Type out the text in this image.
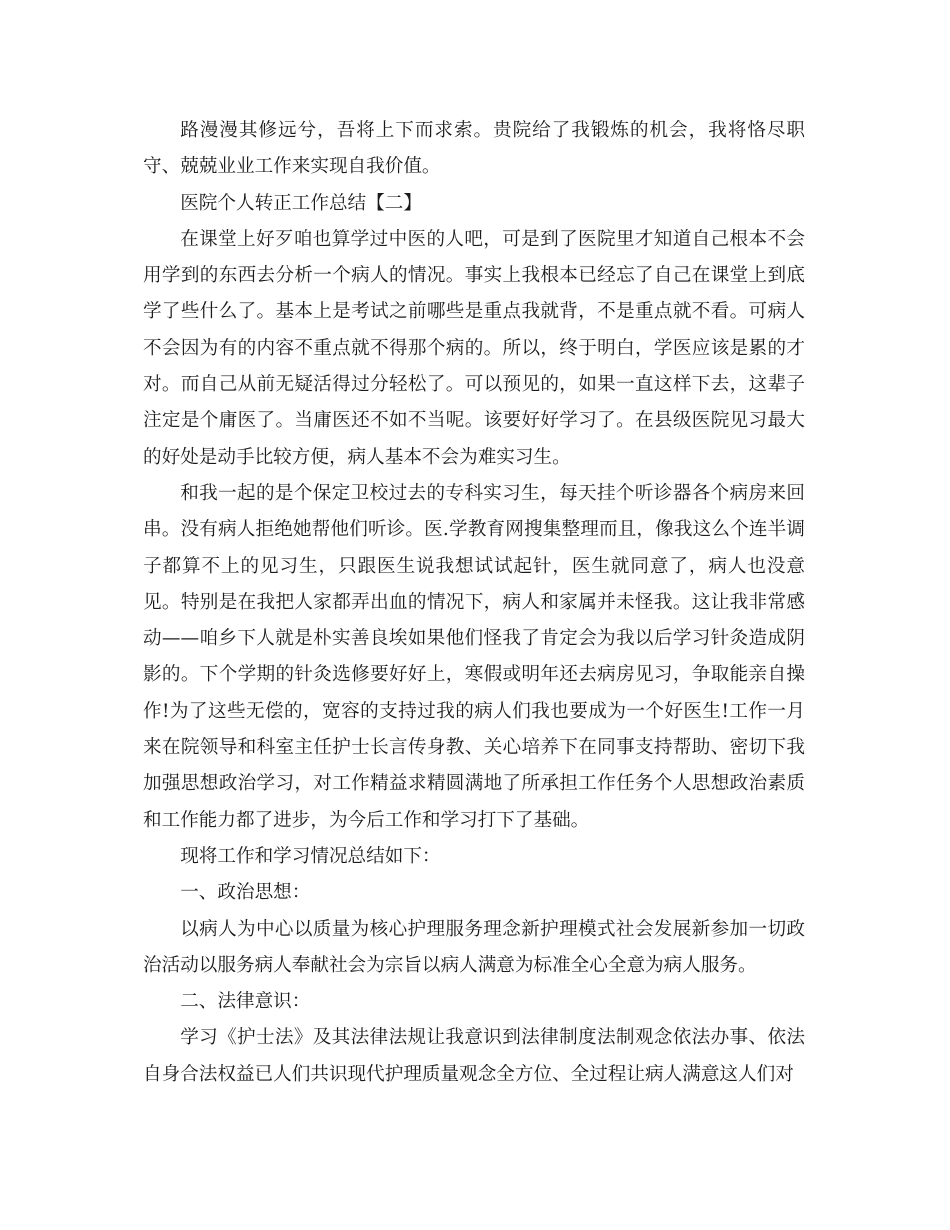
路漫漫其修远兮，吾将上下而求索。贵院给了我锻炼的机会，我将恪尽职守、兢兢业业工作来实现自我价值。

医院个人转正工作总结【二】

在课堂上好歹咱也算学过中医的人吧，可是到了医院里才知道自己根本不会用学到的东西去分析一个病人的情况。事实上我根本已经忘了自己在课堂上到底学了些什么了。基本上是考试之前哪些是重点我就背，不是重点就不看。可病人不会因为有的内容不重点就不得那个病的。所以，终于明白，学医应该是累的才对。而自己从前无疑活得过分轻松了。可以预见的，如果一直这样下去，这辈子注定是个庸医了。当庸医还不如不当呢。该要好好学习了。在县级医院见习最大的好处是动手比较方便，病人基本不会为难实习生。

和我一起的是个保定卫校过去的专科实习生，每天挂个听诊器各个病房来回串。没有病人拒绝她帮他们听诊。医.学教育网搜集整理而且，像我这么个连半调子都算不上的见习生，只跟医生说我想试试起针，医生就同意了，病人也没意见。特别是在我把人家都弄出血的情况下，病人和家属并未怪我。这让我非常感动——咱乡下人就是朴实善良埃如果他们怪我了肯定会为我以后学习针灸造成阴影的。下个学期的针灸选修要好好上，寒假或明年还去病房见习，争取能亲自操作!为了这些无偿的，宽容的支持过我的病人们我也要成为一个好医生!工作一月来在院领导和科室主任护士长言传身教、关心培养下在同事支持帮助、密切下我加强思想政治学习，对工作精益求精圆满地了所承担工作任务个人思想政治素质和工作能力都了进步，为今后工作和学习打下了基础。

现将工作和学习情况总结如下：

一、政治思想：

以病人为中心以质量为核心护理服务理念新护理模式社会发展新参加一切政治活动以服务病人奉献社会为宗旨以病人满意为标准全心全意为病人服务。

二、法律意识：

学习《护士法》及其法律法规让我意识到法律制度法制观念依法办事、依法自身合法权益已人们共识现代护理质量观念全方位、全过程让病人满意这人们对
